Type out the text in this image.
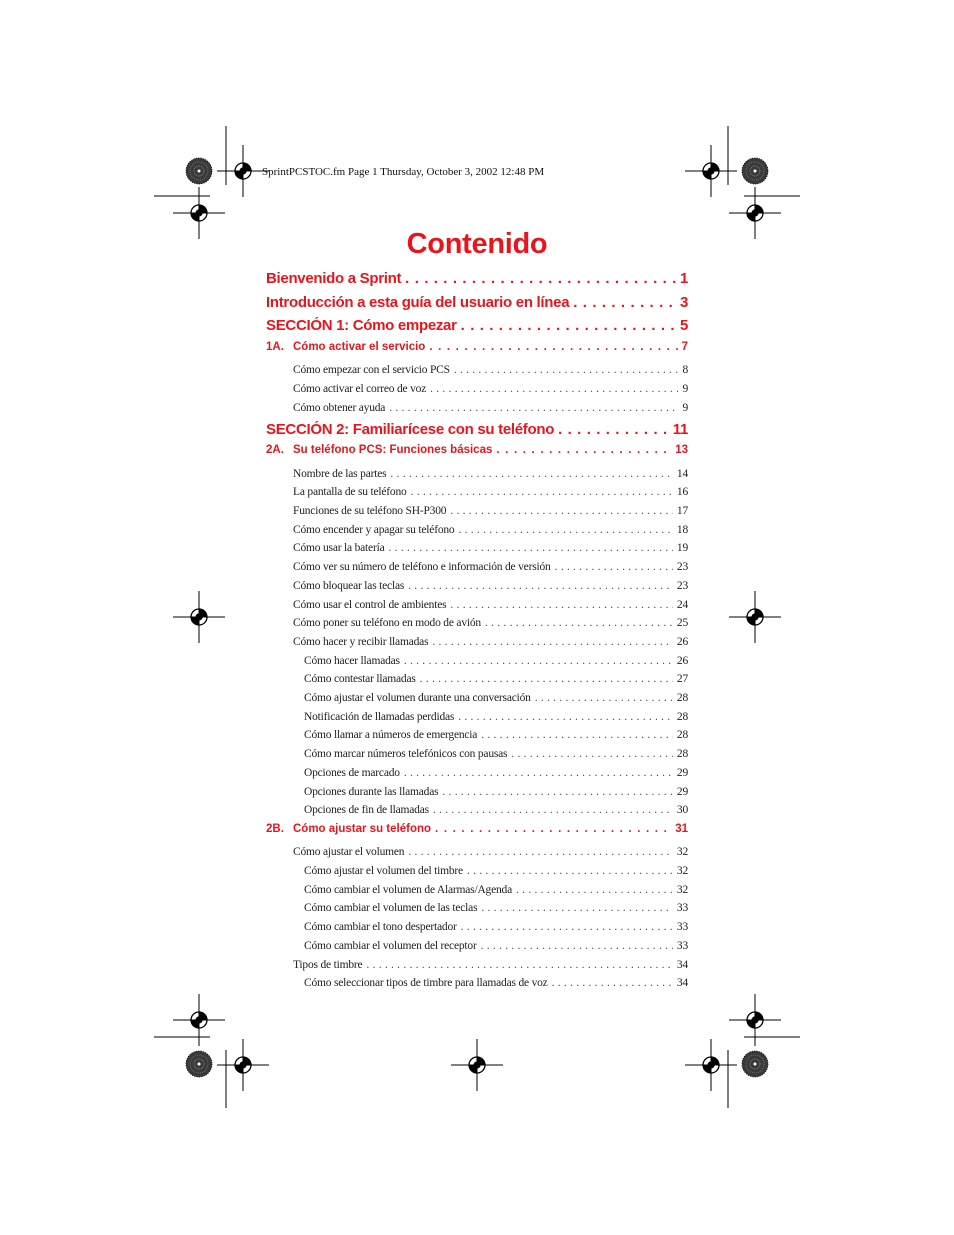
SprintPCSTOC.fm Page 1 Thursday, October 3, 2002 12:48 PM
Contenido
Bienvenido a Sprint . . .	1
Introducción a esta guía del usuario en línea . . .	3
SECCIÓN 1: Cómo empezar . . .	5
1A. Cómo activar el servicio . . .	7
Cómo empezar con el servicio PCS . . .	8
Cómo activar el correo de voz . . .	9
Cómo obtener ayuda . . .	9
SECCIÓN 2: Familiarícese con su teléfono . . .	11
2A. Su teléfono PCS: Funciones básicas . . .	13
Nombre de las partes . . .	14
La pantalla de su teléfono . . .	16
Funciones de su teléfono SH-P300 . . .	17
Cómo encender y apagar su teléfono . . .	18
Cómo usar la batería . . .	19
Cómo ver su número de teléfono e información de versión . . .	23
Cómo bloquear las teclas . . .	23
Cómo usar el control de ambientes . . .	24
Cómo poner su teléfono en modo de avión . . .	25
Cómo hacer y recibir llamadas . . .	26
Cómo hacer llamadas . . .	26
Cómo contestar llamadas . . .	27
Cómo ajustar el volumen durante una conversación . . .	28
Notificación de llamadas perdidas . . .	28
Cómo llamar a números de emergencia . . .	28
Cómo marcar números telefónicos con pausas . . .	28
Opciones de marcado . . .	29
Opciones durante las llamadas . . .	29
Opciones de fin de llamadas . . .	30
2B. Cómo ajustar su teléfono . . .	31
Cómo ajustar el volumen . . .	32
Cómo ajustar el volumen del timbre . . .	32
Cómo cambiar el volumen de Alarmas/Agenda . . .	32
Cómo cambiar el volumen de las teclas . . .	33
Cómo cambiar el tono despertador . . .	33
Cómo cambiar el volumen del receptor . . .	33
Tipos de timbre . . .	34
Cómo seleccionar tipos de timbre para llamadas de voz . . .	34
